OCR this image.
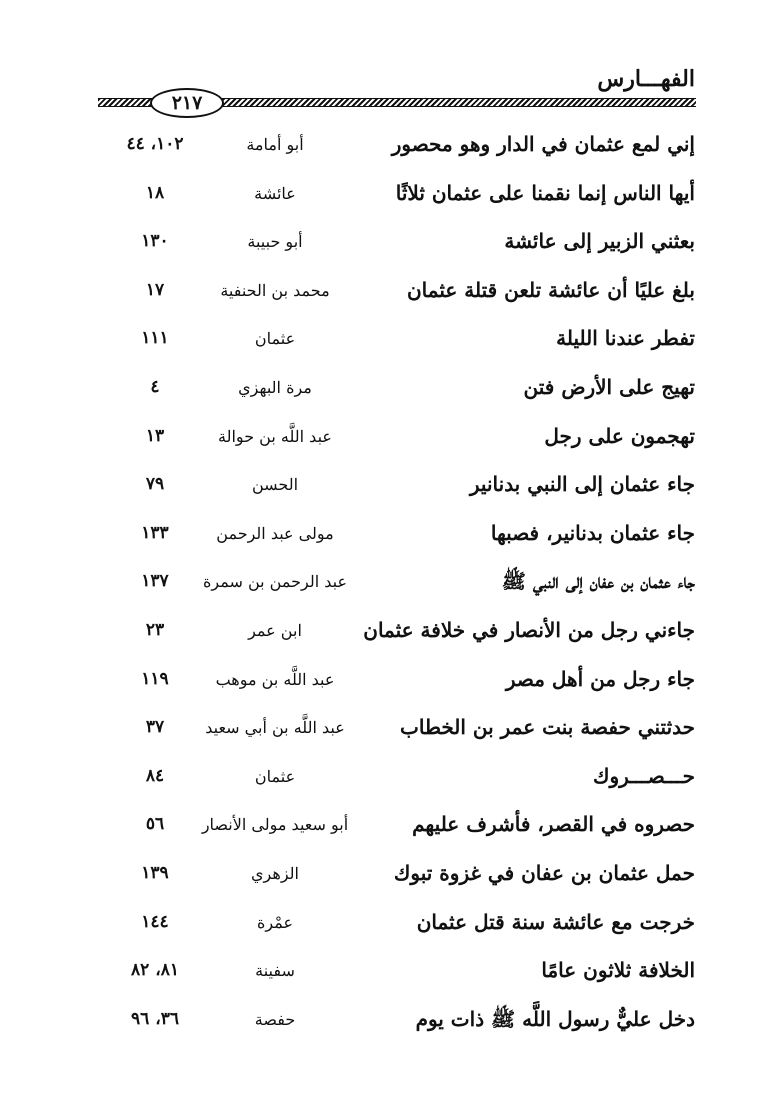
الفهـــارس
٢١٧
إني لمع عثمان في الدار وهو محصور
أبو أمامة
١٠٢، ٤٤
أيها الناس إنما نقمنا على عثمان ثلاثًا
عائشة
١٨
بعثني الزبير إلى عائشة
أبو حبيبة
١٣٠
بلغ عليًا أن عائشة تلعن قتلة عثمان
محمد بن الحنفية
١٧
تفطر عندنا الليلة
عثمان
١١١
تهيج على الأرض فتن
مرة البهزي
٤
تهجمون على رجل
عبد اللَّه بن حوالة
١٣
جاء عثمان إلى النبي بدنانير
الحسن
٧٩
جاء عثمان بدنانير، فصبها
مولى عبد الرحمن
١٣٣
جاء عثمان بن عفان إلى النبي ﷺ
عبد الرحمن بن سمرة
١٣٧
جاءني رجل من الأنصار في خلافة عثمان
ابن عمر
٢٣
جاء رجل من أهل مصر
عبد اللَّه بن موهب
١١٩
حدثتني حفصة بنت عمر بن الخطاب
عبد اللَّه بن أبي سعيد
٣٧
حـــصـــروك
عثمان
٨٤
حصروه في القصر، فأشرف عليهم
أبو سعيد مولى الأنصار
٥٦
حمل عثمان بن عفان في غزوة تبوك
الزهري
١٣٩
خرجت مع عائشة سنة قتل عثمان
عمْرة
١٤٤
الخلافة ثلاثون عامًا
سفينة
٨١، ٨٢
دخل عليٌّ رسول اللَّه ﷺ ذات يوم
حفصة
٣٦، ٩٦
